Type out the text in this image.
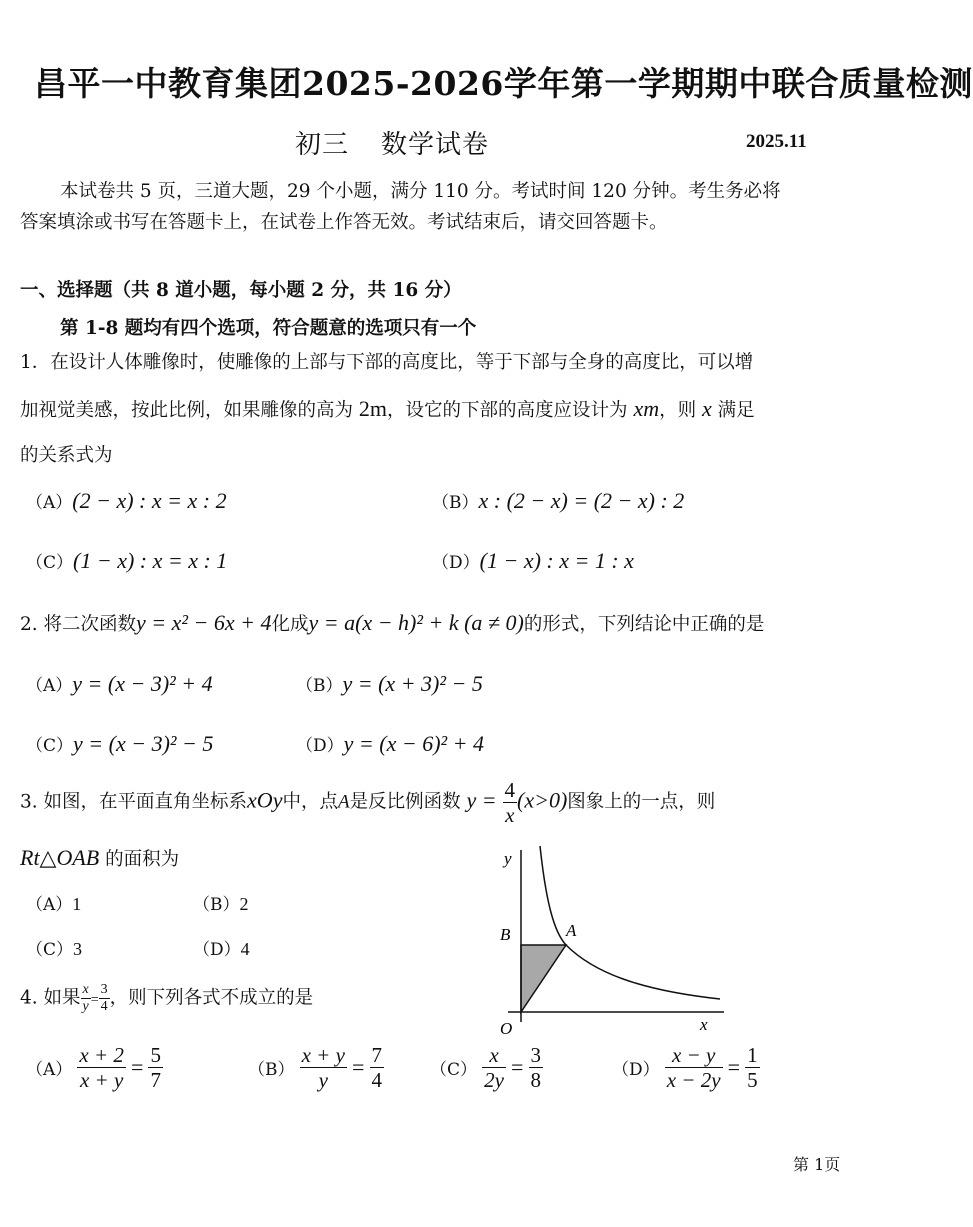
昌平一中教育集团2025-2026学年第一学期期中联合质量检测
初三 数学试卷	2025.11
本试卷共 5 页，三道大题，29 个小题，满分 110 分。考试时间 120 分钟。考生务必将
答案填涂或书写在答题卡上，在试卷上作答无效。考试结束后，请交回答题卡。
一、选择题（共 8 道小题，每小题 2 分，共 16 分）
第 1-8 题均有四个选项，符合题意的选项只有一个
1．在设计人体雕像时，使雕像的上部与下部的高度比，等于下部与全身的高度比，可以增
加视觉美感，按此比例，如果雕像的高为 2m，设它的下部的高度应设计为 xm，则 x 满足
的关系式为
（A）(2 − x) : x = x : 2	（B）x : (2 − x) = (2 − x) : 2
（C）(1 − x) : x = x : 1	（D）(1 − x) : x = 1 : x
2. 将二次函数y = x² − 6x + 4化成y = a(x − h)² + k (a ≠ 0)的形式，下列结论中正确的是
（A）y = (x − 3)² + 4	（B）y = (x + 3)² − 5
（C）y = (x − 3)² − 5	（D）y = (x − 6)² + 4
3. 如图，在平面直角坐标系xOy中，点A是反比例函数 $y = \frac{4}{x} (x>0)$图象上的一点，则
Rt△OAB 的面积为
（A）1	（B）2
（C）3	（D）4
y
x
O
B	A
4. 如果 $\frac{x}{y} = \frac{3}{4}$ ，则下列各式不成立的是
$(A) \frac{x + 2}{x + y} = \frac{5}{7}$	$(B) \frac{x + y}{y} = \frac{7}{4}$	$(C) \frac{x}{2y} = \frac{3}{8}$	$(D) \frac{x - y}{x - 2y} = \frac{1}{5}$
第 1页
